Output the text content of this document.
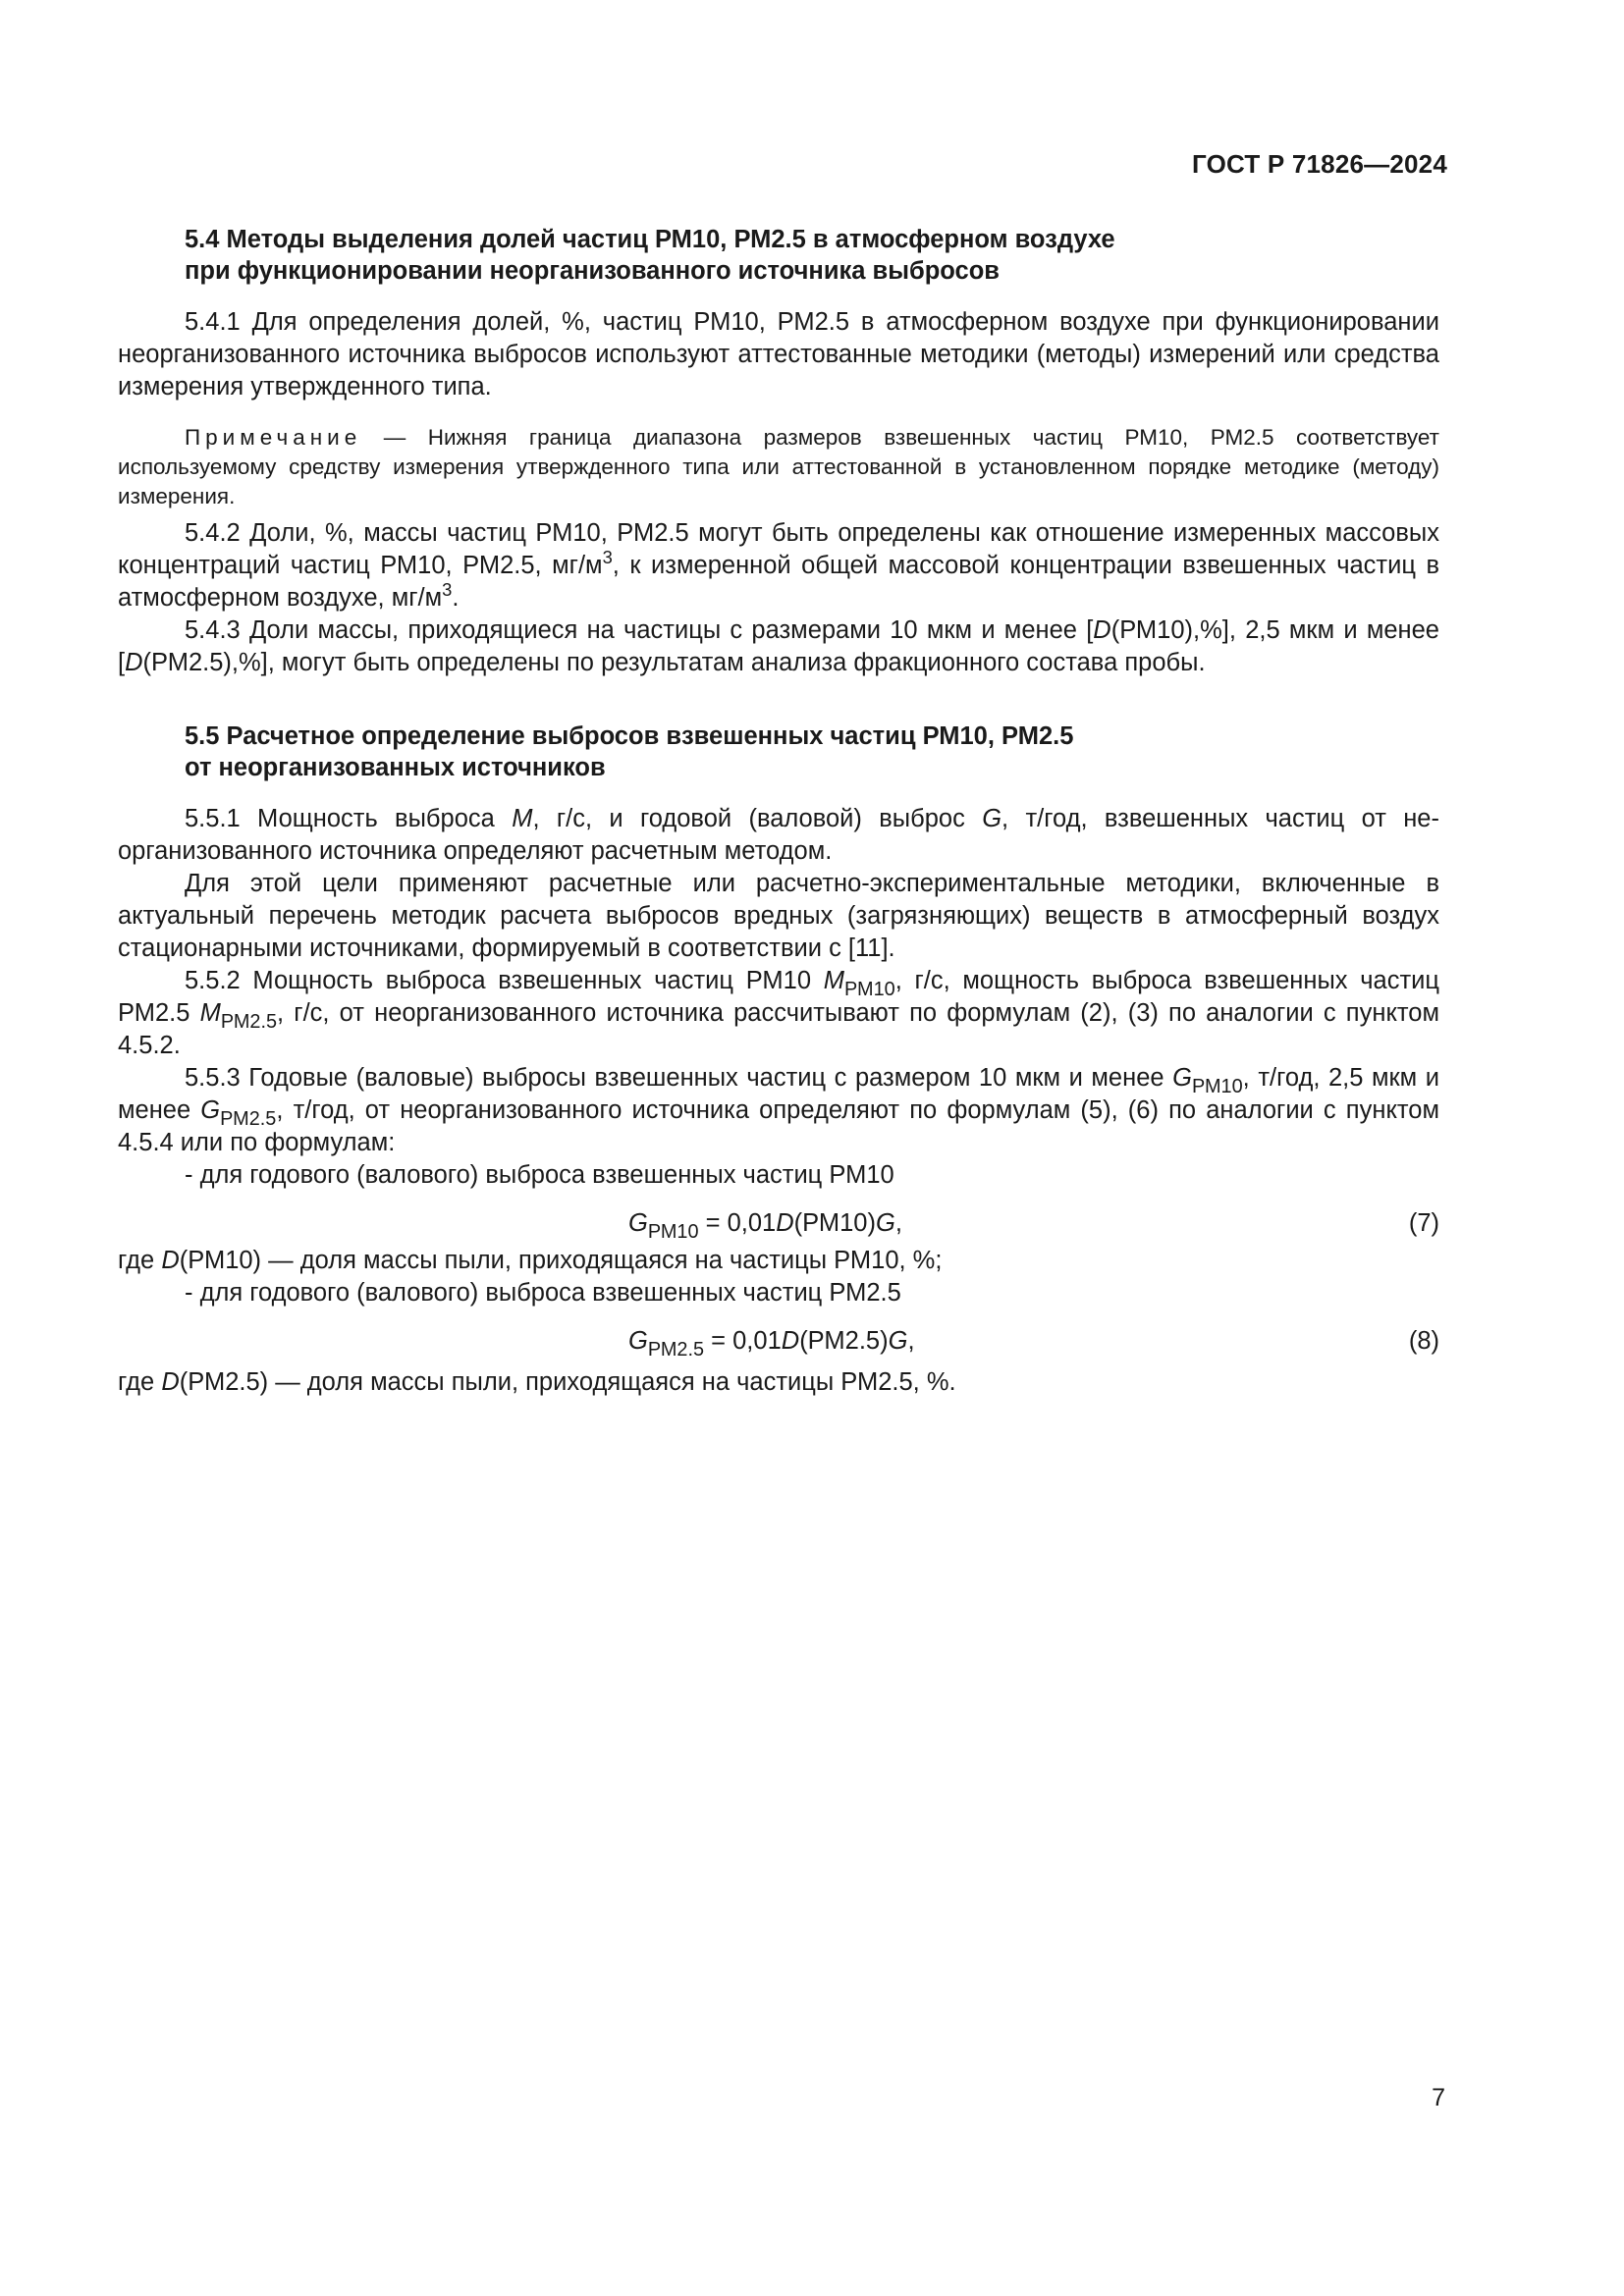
ГОСТ Р 71826—2024
5.4 Методы выделения долей частиц РМ10, РМ2.5 в атмосферном воздухе
при функционировании неорганизованного источника выбросов

5.4.1 Для определения долей, %, частиц РМ10, РМ2.5 в атмосферном воздухе при функционировании неорганизованного источника выбросов используют аттестованные методики (методы) измерений или средства измерения утвержденного типа.

Примечание — Нижняя граница диапазона размеров взвешенных частиц РМ10, РМ2.5 соответствует используемому средству измерения утвержденного типа или аттестованной в установленном порядке методике (методу) измерения.

5.4.2 Доли, %, массы частиц РМ10, РМ2.5 могут быть определены как отношение измеренных массовых концентраций частиц РМ10, РМ2.5, $мг/м^3$, к измеренной общей массовой концентрации взвешенных частиц в атмосферном воздухе, $мг/м^3$.

5.4.3 Доли массы, приходящиеся на частицы с размерами 10 мкм и менее [D(РМ10),%], 2,5 мкм и менее [D(РМ2.5),%], могут быть определены по результатам анализа фракционного состава пробы.

5.5 Расчетное определение выбросов взвешенных частиц РМ10, РМ2.5
от неорганизованных источников

5.5.1 Мощность выброса M, г/с, и годовой (валовой) выброс G, т/год, взвешенных частиц от неорганизованного источника определяют расчетным методом.

Для этой цели применяют расчетные или расчетно-экспериментальные методики, включенные в актуальный перечень методик расчета выбросов вредных (загрязняющих) веществ в атмосферный воздух стационарными источниками, формируемый в соответствии с [11].

5.5.2 Мощность выброса взвешенных частиц РМ10 $M_{РМ10}$, г/с, мощность выброса взвешенных частиц РМ2.5 $M_{РМ2.5}$, г/с, от неорганизованного источника рассчитывают по формулам (2), (3) по аналогии с пунктом 4.5.2.

5.5.3 Годовые (валовые) выбросы взвешенных частиц с размером 10 мкм и менее $G_{РМ10}$, т/год, 2,5 мкм и менее $G_{РМ2.5}$, т/год, от неорганизованного источника определяют по формулам (5), (6) по аналогии с пунктом 4.5.4 или по формулам:

- для годового (валового) выброса взвешенных частиц РМ10

$G_{РМ10} = 0,01D(РМ10)G$,	(7)

где D(РМ10) — доля массы пыли, приходящаяся на частицы РМ10, %;

- для годового (валового) выброса взвешенных частиц РМ2.5

$G_{РМ2.5} = 0,01D(РМ2.5)G$,	(8)

где D(РМ2.5) — доля массы пыли, приходящаяся на частицы РМ2.5, %.

7
